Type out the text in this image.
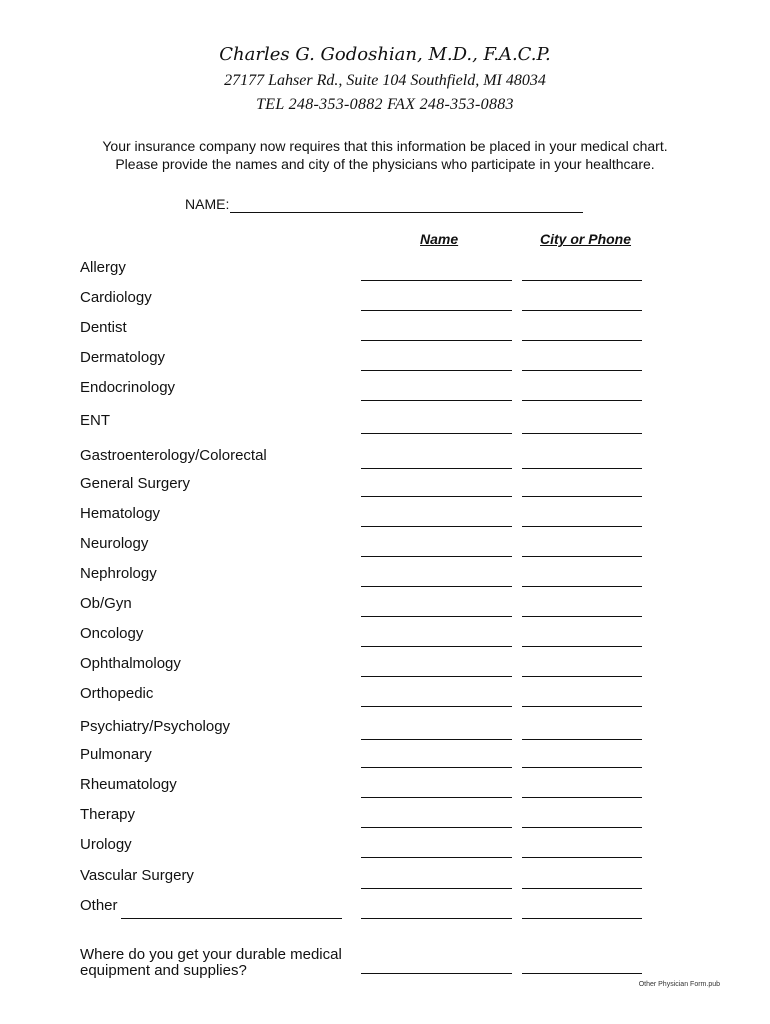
Charles G. Godoshian, M.D., F.A.C.P.
27177 Lahser Rd., Suite 104 Southfield, MI 48034
TEL 248-353-0882 FAX 248-353-0883
Your insurance company now requires that this information be placed in your medical chart.
Please provide the names and city of the physicians who participate in your healthcare.
NAME:
Name	City or Phone
Allergy
Cardiology
Dentist
Dermatology
Endocrinology
ENT
Gastroenterology/Colorectal
General Surgery
Hematology
Neurology
Nephrology
Ob/Gyn
Oncology
Ophthalmology
Orthopedic
Psychiatry/Psychology
Pulmonary
Rheumatology
Therapy
Urology
Vascular Surgery
Other
Where do you get your durable medical
equipment and supplies?
Other Physician Form.pub
